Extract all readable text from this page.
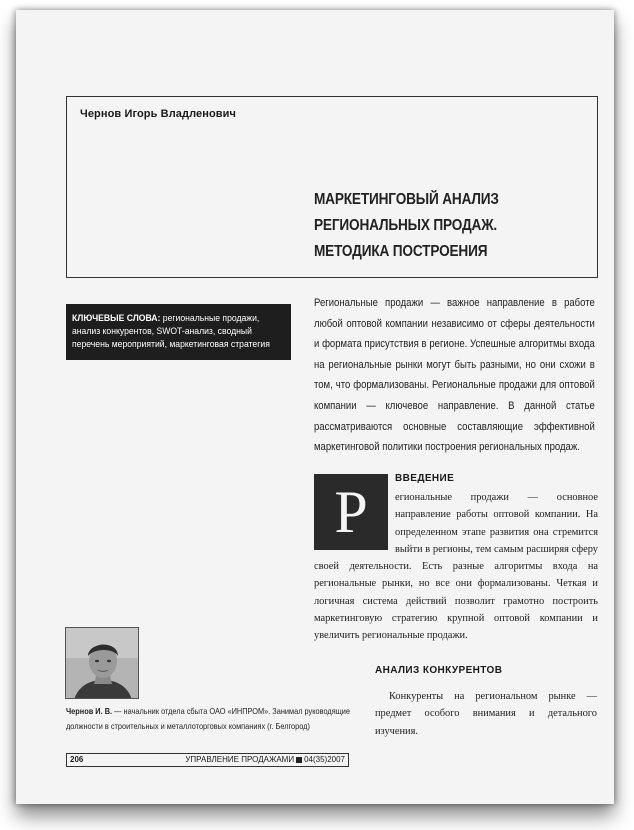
Чернов Игорь Владленович
МАРКЕТИНГОВЫЙ АНАЛИЗ
РЕГИОНАЛЬНЫХ ПРОДАЖ.
МЕТОДИКА ПОСТРОЕНИЯ
КЛЮЧЕВЫЕ СЛОВА: региональные продажи, анализ конкурентов, SWOT-анализ, сводный перечень мероприятий, маркетинговая стратегия

Региональные продажи — важное направление в работе любой оптовой компании независимо от сферы деятельности и формата присутствия в регионе. Успешные алгоритмы входа на региональные рынки могут быть разными, но они схожи в том, что формализованы. Региональные продажи для оптовой компании — ключевое направление. В данной статье рассматриваются основные составляющие эффективной маркетинговой политики построения региональных продаж.

Р
ВВЕДЕНИЕ
егиональные продажи — основное направление работы оптовой компании. На определенном этапе развития она стремится выйти в регионы, тем самым расширяя сферу своей деятельности. Есть разные алгоритмы входа на региональные рынки, но все они формализованы. Четкая и логичная система действий позволит грамотно построить маркетинговую стратегию крупной оптовой компании и увеличить региональные продажи.
Чернов И. В. — начальник отдела сбыта ОАО «ИНПРОМ». Занимал руководящие должности в строительных и металлоторговых компаниях (г. Белгород)
АНАЛИЗ КОНКУРЕНТОВ
Конкуренты на региональном рынке — предмет особого внимания и детального изучения.
206	УПРАВЛЕНИЕ ПРОДАЖАМИ 04(35)2007
